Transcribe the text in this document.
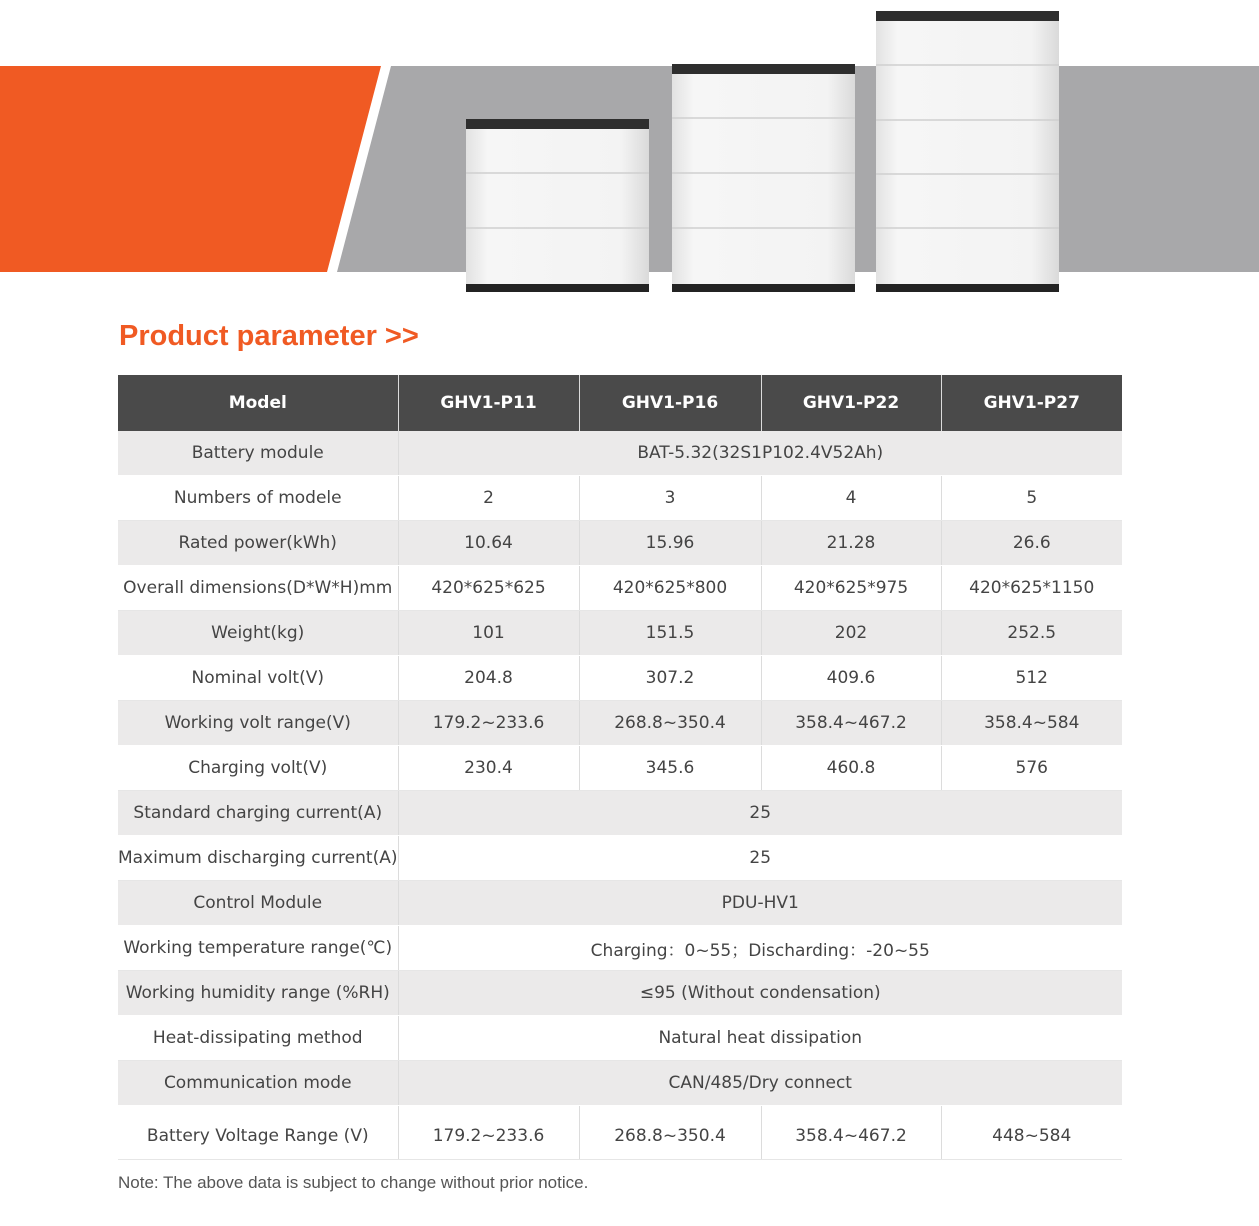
Product parameter >>
Model	GHV1-P11	GHV1-P16	GHV1-P22	GHV1-P27
Battery module	BAT-5.32(32S1P102.4V52Ah)			
Numbers of modele	2	3	4	5
Rated power(kWh)	10.64	15.96	21.28	26.6
Overall dimensions(D*W*H)mm	420*625*625	420*625*800	420*625*975	420*625*1150
Weight(kg)	101	151.5	202	252.5
Nominal volt(V)	204.8	307.2	409.6	512
Working volt range(V)	179.2~233.6	268.8~350.4	358.4~467.2	358.4~584
Charging volt(V)	230.4	345.6	460.8	576
Standard charging current(A)	25			
Maximum discharging current(A)	25			
Control Module	PDU-HV1			
Working temperature range(℃)	Charging：0~55；Discharding：-20~55			
Working humidity range (%RH)	≤95 (Without condensation)			
Heat-dissipating method	Natural heat dissipation			
Communication mode	CAN/485/Dry connect			
Battery Voltage Range (V)	179.2~233.6	268.8~350.4	358.4~467.2	448~584
Note: The above data is subject to change without prior notice.
